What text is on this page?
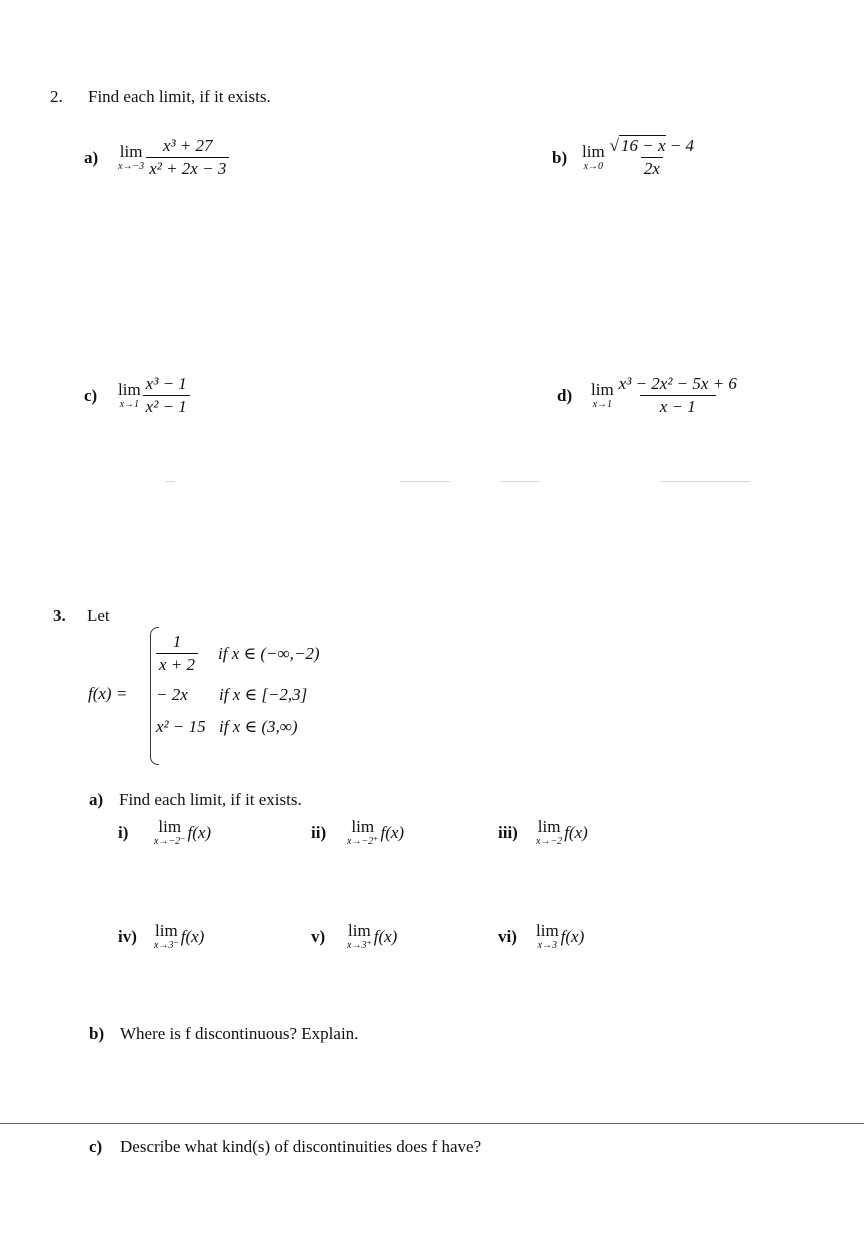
2.	Find each limit, if it exists.
a)	lim
$x\to-3 \frac{\text{x³ + 27}}{\text{x² + 2x − 3}}$	b) lim
$x\to 0 \frac{√ 16 - x - 4}{2x}$
c)	lim
$x\to 1 \frac{\text{x³ − 1}}{\text{x² − 1}}$	d)	lim
$x\to 1 \frac{\text{x³ − 2x² − 5x + 6}}{x - 1}$
3.	Let
f(x) =
$\frac{1}{x + 2}$ if x ∈ (−∞,−2)
− 2x	if x ∈ [−2,3]
x² − 15 if x ∈ (3,∞)
a) Find each limit, if it exists.
i)	lim
x→−2⁻ f(x)	ii)	lim
x→−2⁺ f(x)	iii)	lim
x→−2 f(x)
iv)	lim
x→3⁻ f(x)	v)	lim
x→3⁺ f(x)	vi)	lim
x→3 f(x)
b) Where is f discontinuous? Explain.
c)	Describe what kind(s) of discontinuities does f have?
